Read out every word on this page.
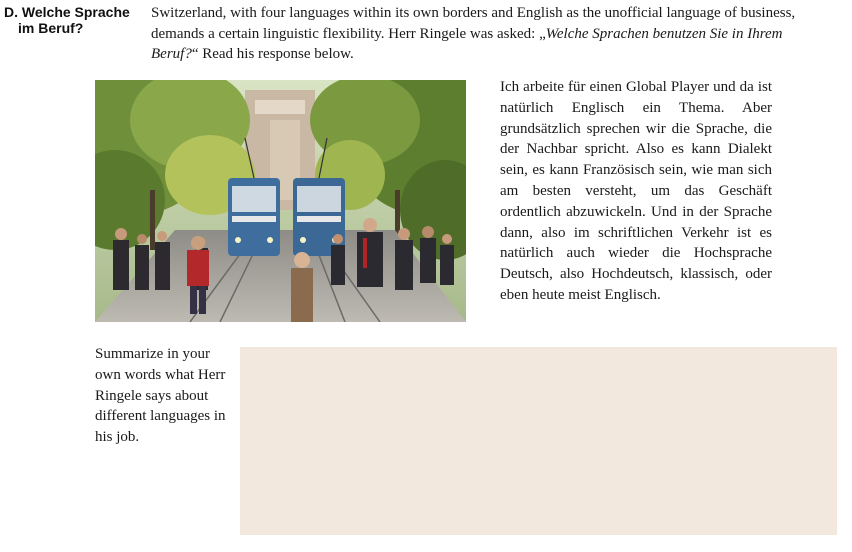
D. Welche Sprache
im Beruf?
Switzerland, with four languages within its own borders and English as the unofficial language of business, demands a certain linguistic flexibility. Herr Ringele was asked: „Welche Sprachen benutzen Sie in Ihrem Beruf?“ Read his response below.
Ich arbeite für einen Global Player und da ist natürlich Englisch ein Thema. Aber grundsätzlich sprechen wir die Sprache, die der Nachbar spricht. Also es kann Dialekt sein, es kann Französisch sein, wie man sich am besten versteht, um das Geschäft ordentlich abzuwickeln. Und in der Sprache dann, also im schriftlichen Verkehr ist es natürlich auch wieder die Hochsprache Deutsch, also Hochdeutsch, klassisch, oder eben heute meist Englisch.
Summarize in your own words what Herr Ringele says about different languages in his job.
